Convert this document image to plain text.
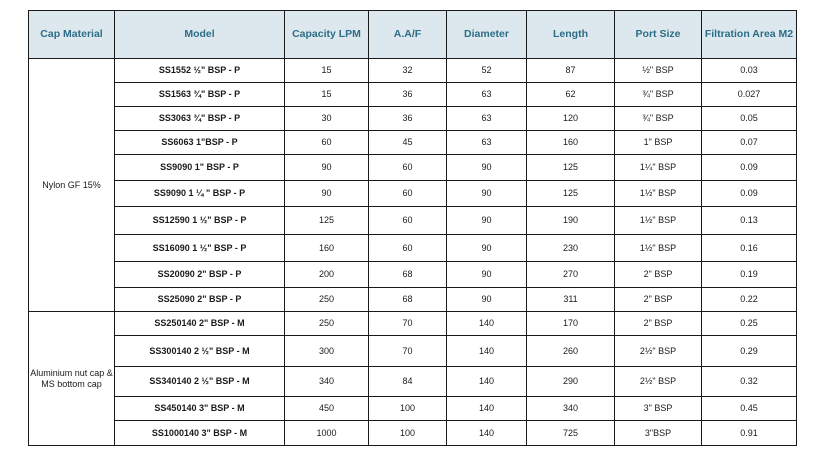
Cap Material	Model	Capacity LPM	A.A/F	Diameter	Length	Port Size	Filtration Area M2
Nylon GF 15%	SS1552 ½" BSP - P	15	32	52	87	½" BSP	0.03
	SS1563 ¾" BSP - P	15	36	63	62	¾" BSP	0.027
	SS3063 ¾" BSP - P	30	36	63	120	¾" BSP	0.05
	SS6063 1"BSP - P	60	45	63	160	1" BSP	0.07
	SS9090 1" BSP - P	90	60	90	125	1¼" BSP	0.09
	SS9090 1 ¼ " BSP - P	90	60	90	125	1½" BSP	0.09
	SS12590 1 ½" BSP - P	125	60	90	190	1½" BSP	0.13
	SS16090 1 ½" BSP - P	160	60	90	230	1½" BSP	0.16
	SS20090 2" BSP - P	200	68	90	270	2" BSP	0.19
	SS25090 2" BSP - P	250	68	90	311	2" BSP	0.22
Aluminium nut cap & MS bottom cap	SS250140 2" BSP - M	250	70	140	170	2" BSP	0.25
	SS300140 2 ½" BSP - M	300	70	140	260	2½" BSP	0.29
	SS340140 2 ½" BSP - M	340	84	140	290	2½" BSP	0.32
	SS450140 3" BSP - M	450	100	140	340	3" BSP	0.45
	SS1000140 3" BSP - M	1000	100	140	725	3"BSP	0.91
